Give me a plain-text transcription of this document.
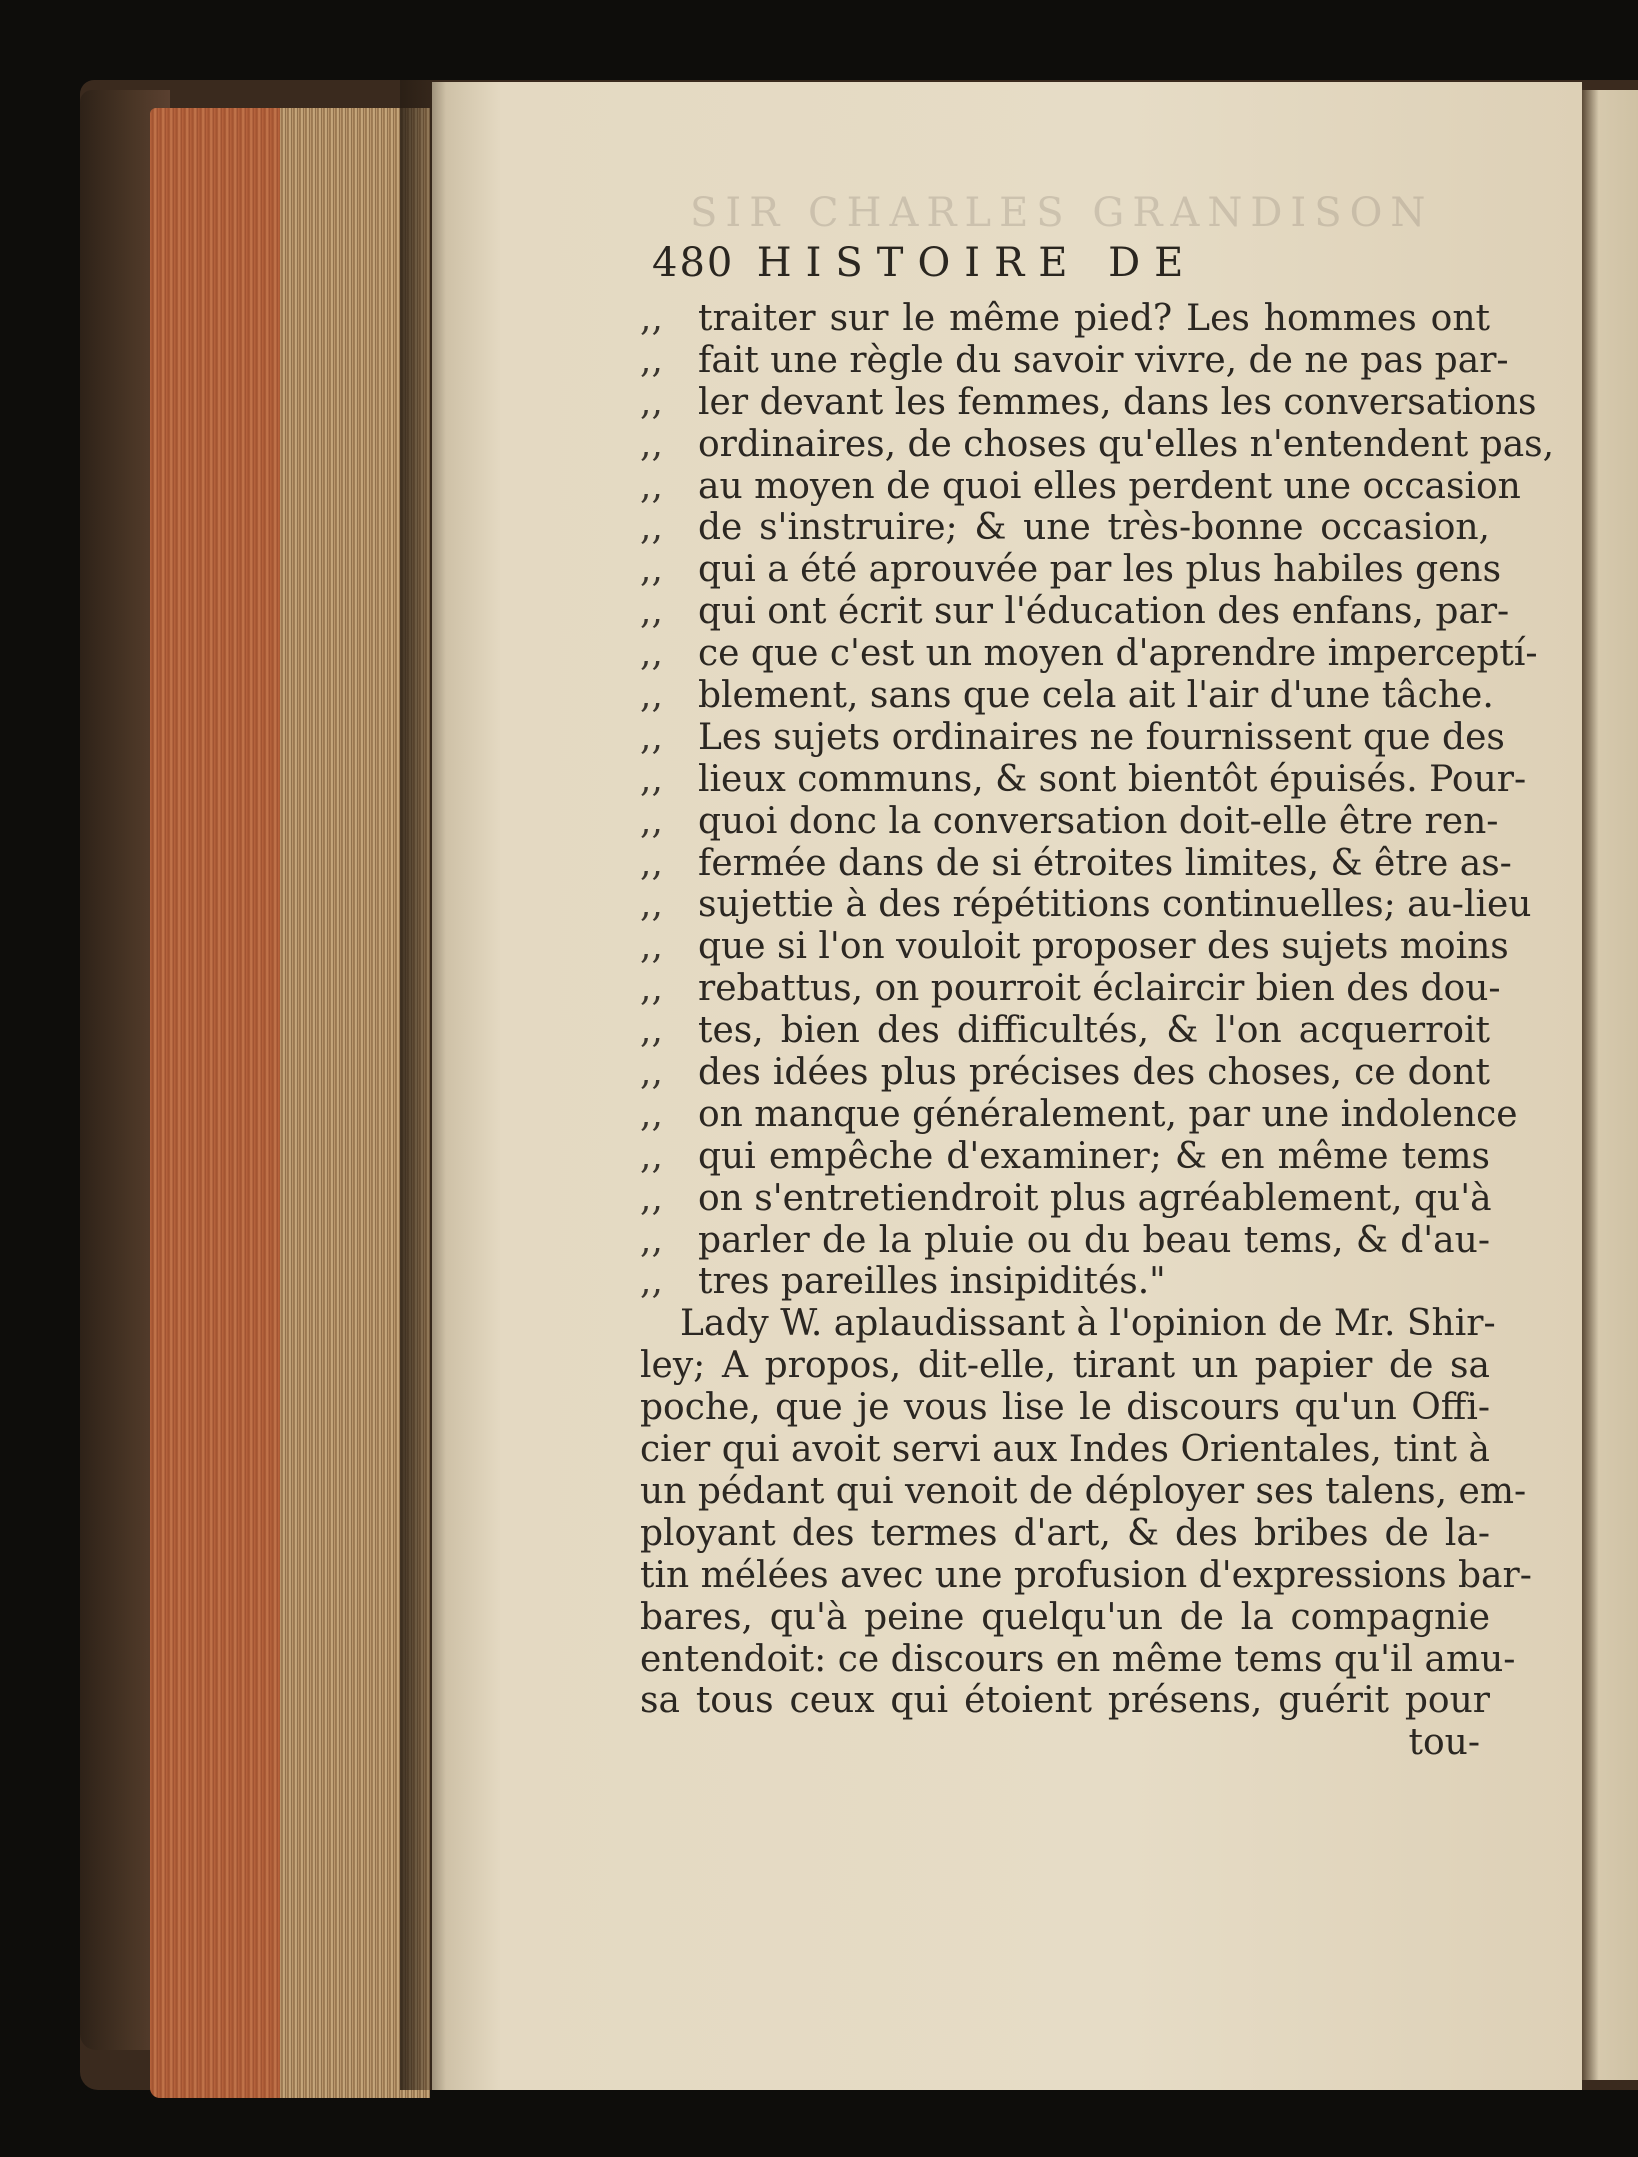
SIR CHARLES GRANDISON
480 HISTOIRE DE
,, traiter sur le même pied? Les hommes ont
,, fait une règle du savoir vivre, de ne pas par-
,, ler devant les femmes, dans les conversations
,, ordinaires, de choses qu'elles n'entendent pas,
,, au moyen de quoi elles perdent une occasion
,, de s'instruire; & une très-bonne occasion,
,, qui a été aprouvée par les plus habiles gens
,, qui ont écrit sur l'éducation des enfans, par-
,, ce que c'est un moyen d'aprendre imperceptí-
,, blement, sans que cela ait l'air d'une tâche.
,, Les sujets ordinaires ne fournissent que des
,, lieux communs, & sont bientôt épuisés. Pour-
,, quoi donc la conversation doit-elle être ren-
,, fermée dans de si étroites limites, & être as-
,, sujettie à des répétitions continuelles; au-lieu
,, que si l'on vouloit proposer des sujets moins
,, rebattus, on pourroit éclaircir bien des dou-
,, tes, bien des difficultés, & l'on acquerroit
,, des idées plus précises des choses, ce dont
,, on manque généralement, par une indolence
,, qui empêche d'examiner; & en même tems
,, on s'entretiendroit plus agréablement, qu'à
,, parler de la pluie ou du beau tems, & d'au-
,, tres pareilles insipidités."
Lady W. aplaudissant à l'opinion de Mr. Shir-
ley; A propos, dit-elle, tirant un papier de sa
poche, que je vous lise le discours qu'un Offi-
cier qui avoit servi aux Indes Orientales, tint à
un pédant qui venoit de déployer ses talens, em-
ployant des termes d'art, & des bribes de la-
tin mélées avec une profusion d'expressions bar-
bares, qu'à peine quelqu'un de la compagnie
entendoit: ce discours en même tems qu'il amu-
sa tous ceux qui étoient présens, guérit pour
tou-
